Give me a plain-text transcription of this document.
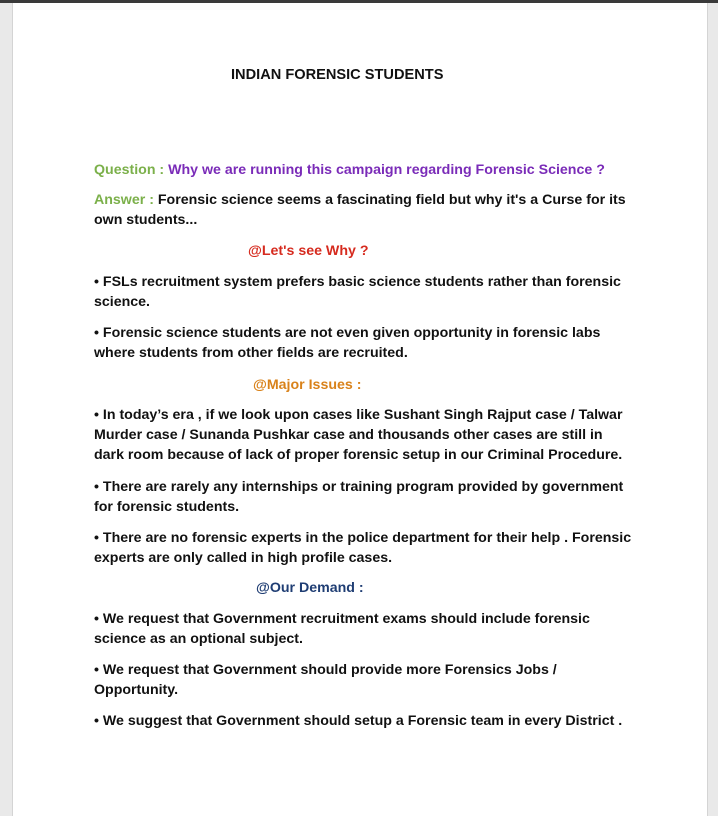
INDIAN FORENSIC STUDENTS
Question : Why we are running this campaign regarding Forensic Science ?
Answer : Forensic science seems a fascinating field but why it's a Curse for its own students...
@Let's see Why ?
• FSLs recruitment system prefers basic science students rather than forensic science.
• Forensic science students are not even given opportunity in forensic labs where students from other fields are recruited.
@Major Issues :
• In today’s era , if we look upon cases like Sushant Singh Rajput case / Talwar Murder case / Sunanda Pushkar case and thousands other cases are still in dark room because of lack of proper forensic setup in our Criminal Procedure.
• There are rarely any internships or training program provided by government for forensic students.
• There are no forensic experts in the police department for their help . Forensic experts are only called in high profile cases.
@Our Demand :
• We request that Government recruitment exams should include forensic science as an optional subject.
• We request that Government should provide more Forensics Jobs / Opportunity.
• We suggest that Government should setup a Forensic team in every District .
